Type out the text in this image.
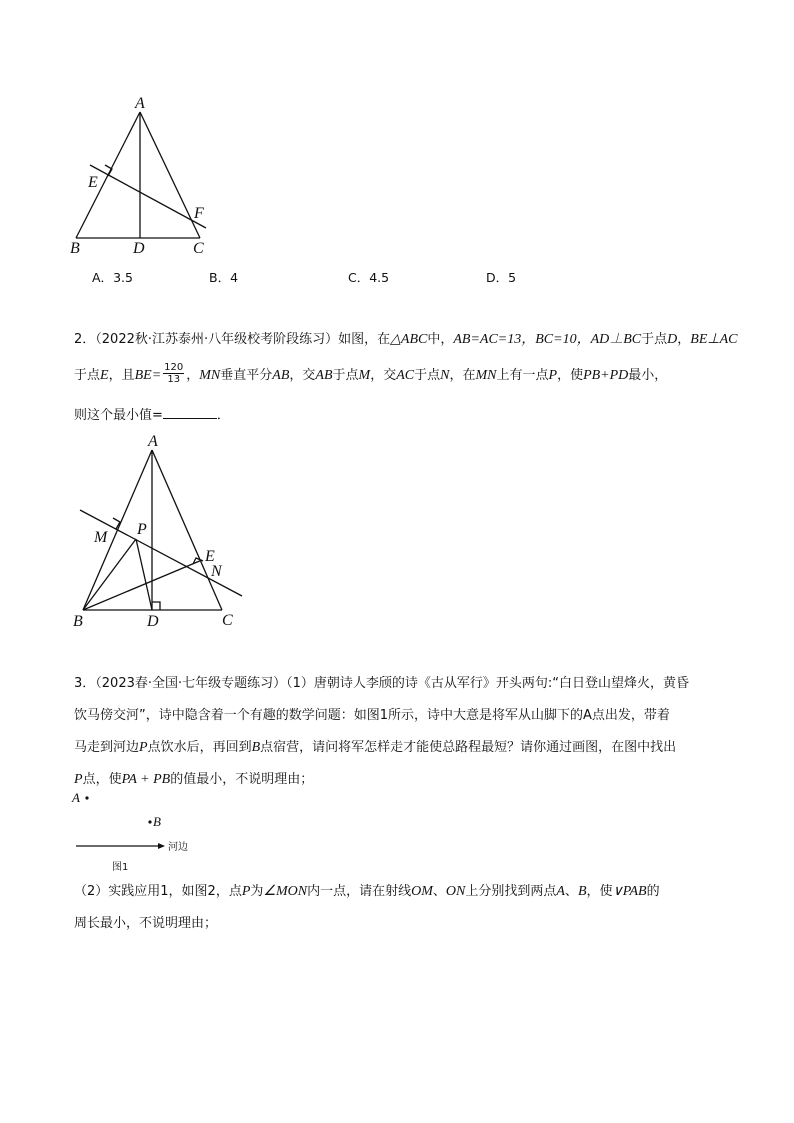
A
E
F
B	D	C
A．3.5	B．4	C．4.5	D．5
2．（2022秋·江苏泰州·八年级校考阶段练习）如图，在△ABC中，AB=AC=13，BC=10，AD⊥BC于点D，BE⊥AC
于点E，且$BE= \frac{120}{13}$ ，MN垂直平分AB，交AB于点M，交AC于点N，在MN上有一点P，使PB+PD最小，
则这个最小值=	．
A
M P
E
N
B	D	C
3．（2023春·全国·七年级专题练习）（1）唐朝诗人李颀的诗《古从军行》开头两句:“白日登山望烽火，黄昏
饮马傍交河”，诗中隐含着一个有趣的数学问题：如图1所示，诗中大意是将军从山脚下的A点出发，带着
马走到河边P点饮水后，再回到B点宿营，请问将军怎样走才能使总路程最短？请你通过画图，在图中找出
P点，使PA + PB的值最小，不说明理由；
A
B
河边
图1
（2）实践应用1，如图2，点P为∠MON内一点，请在射线OM、ON上分别找到两点A、B，使∨PAB的
周长最小，不说明理由；
